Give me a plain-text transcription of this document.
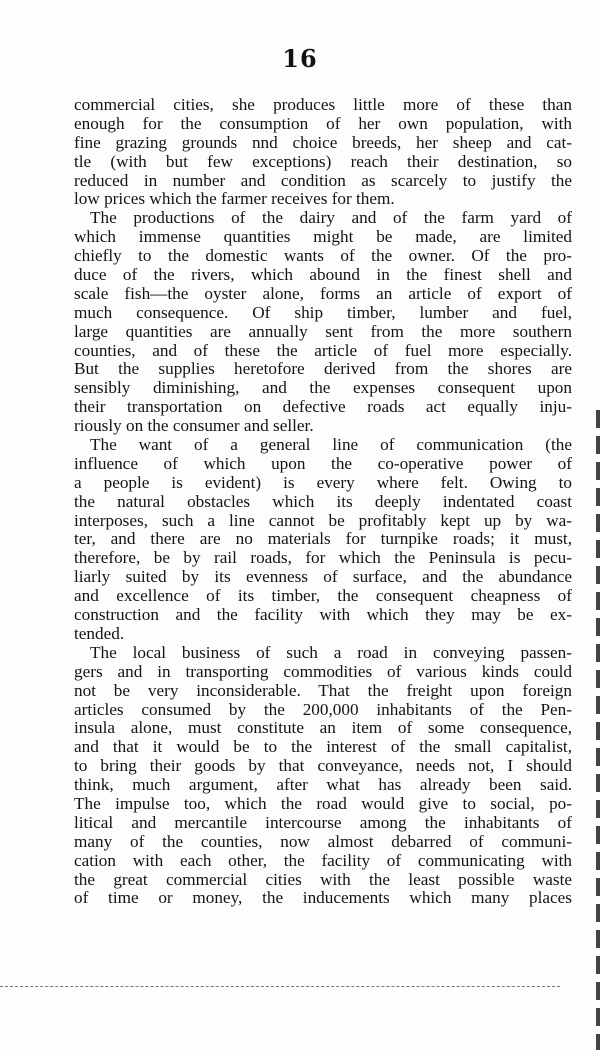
16
commercial cities, she produces little more of these than
enough for the consumption of her own population, with
fine grazing grounds nnd choice breeds, her sheep and cat-
tle (with but few exceptions) reach their destination, so
reduced in number and condition as scarcely to justify the
low prices which the farmer receives for them.
The productions of the dairy and of the farm yard of
which immense quantities might be made, are limited
chiefly to the domestic wants of the owner. Of the pro-
duce of the rivers, which abound in the finest shell and
scale fish—the oyster alone, forms an article of export of
much consequence. Of ship timber, lumber and fuel,
large quantities are annually sent from the more southern
counties, and of these the article of fuel more especially.
But the supplies heretofore derived from the shores are
sensibly diminishing, and the expenses consequent upon
their transportation on defective roads act equally inju-
riously on the consumer and seller.
The want of a general line of communication (the
influence of which upon the co-operative power of
a people is evident) is every where felt. Owing to
the natural obstacles which its deeply indentated coast
interposes, such a line cannot be profitably kept up by wa-
ter, and there are no materials for turnpike roads; it must,
therefore, be by rail roads, for which the Peninsula is pecu-
liarly suited by its evenness of surface, and the abundance
and excellence of its timber, the consequent cheapness of
construction and the facility with which they may be ex-
tended.
The local business of such a road in conveying passen-
gers and in transporting commodities of various kinds could
not be very inconsiderable. That the freight upon foreign
articles consumed by the 200,000 inhabitants of the Pen-
insula alone, must constitute an item of some consequence,
and that it would be to the interest of the small capitalist,
to bring their goods by that conveyance, needs not, I should
think, much argument, after what has already been said.
The impulse too, which the road would give to social, po-
litical and mercantile intercourse among the inhabitants of
many of the counties, now almost debarred of communi-
cation with each other, the facility of communicating with
the great commercial cities with the least possible waste
of time or money, the inducements which many places
